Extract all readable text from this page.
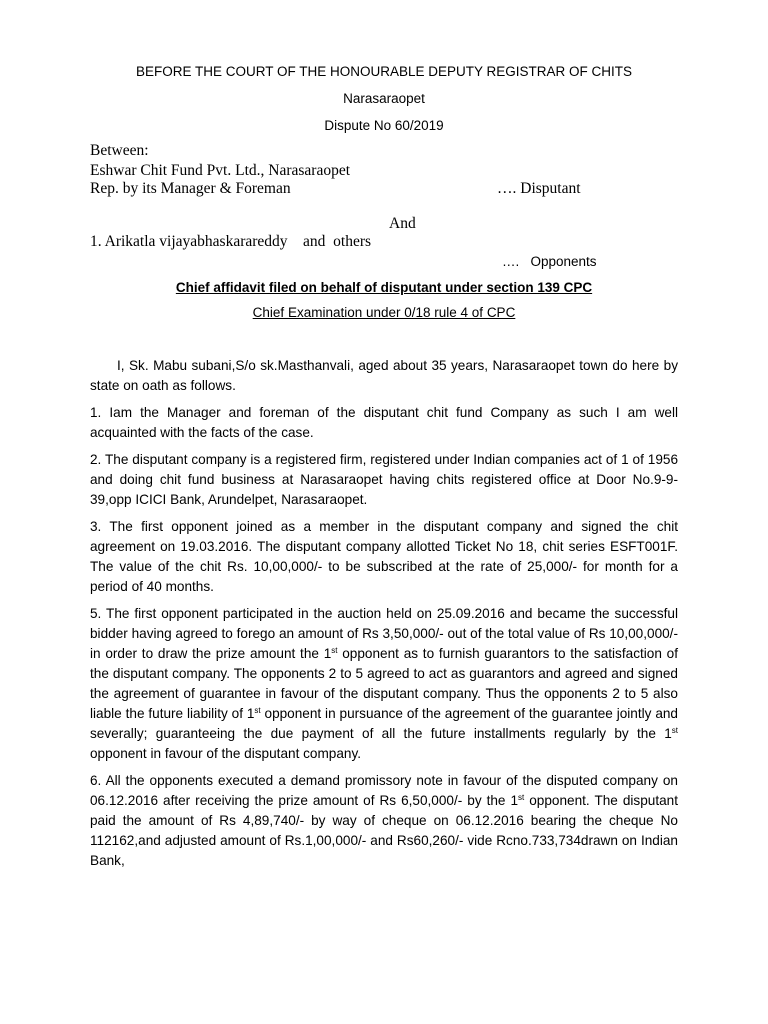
BEFORE THE COURT OF THE HONOURABLE DEPUTY REGISTRAR OF CHITS
Narasaraopet
Dispute No 60/2019
Between:
Eshwar Chit Fund Pvt. Ltd., Narasaraopet
Rep. by its Manager & Foreman	…. Disputant
And
1. Arikatla vijayabhaskarareddy    and  others
….   Opponents
Chief affidavit filed on behalf of disputant under section 139 CPC
Chief Examination under 0/18 rule 4 of CPC

I, Sk. Mabu subani,S/o sk.Masthanvali, aged about 35 years, Narasaraopet town do here by state on oath as follows.

1. Iam the Manager and foreman of the disputant chit fund Company as such I am well acquainted with the facts of the case.

2. The disputant company is a registered firm, registered under Indian companies act of 1 of 1956 and doing chit fund business at Narasaraopet having chits registered office at Door No.9-9-39,opp ICICI Bank, Arundelpet, Narasaraopet.

3. The first opponent joined as a member in the disputant company and signed the chit agreement on 19.03.2016. The disputant company allotted Ticket No 18, chit series ESFT001F. The value of the chit Rs. 10,00,000/- to be subscribed at the rate of 25,000/- for month for a period of 40 months.

5. The first opponent participated in the auction held on 25.09.2016 and became the successful bidder having agreed to forego an amount of Rs 3,50,000/- out of the total value of Rs 10,00,000/- in order to draw the prize amount the 1st opponent as to furnish guarantors to the satisfaction of the disputant company. The opponents 2 to 5 agreed to act as guarantors and agreed and signed the agreement of guarantee in favour of the disputant company. Thus the opponents 2 to 5 also liable the future liability of 1st opponent in pursuance of the agreement of the guarantee jointly and severally; guaranteeing the due payment of all the future installments regularly by the 1st opponent in favour of the disputant company.

6. All the opponents executed a demand promissory note in favour of the disputed company on 06.12.2016 after receiving the prize amount of Rs 6,50,000/- by the 1st opponent. The disputant paid the amount of Rs 4,89,740/- by way of cheque on 06.12.2016 bearing the cheque No 112162,and adjusted amount of Rs.1,00,000/- and Rs60,260/- vide Rcno.733,734drawn on Indian Bank,
